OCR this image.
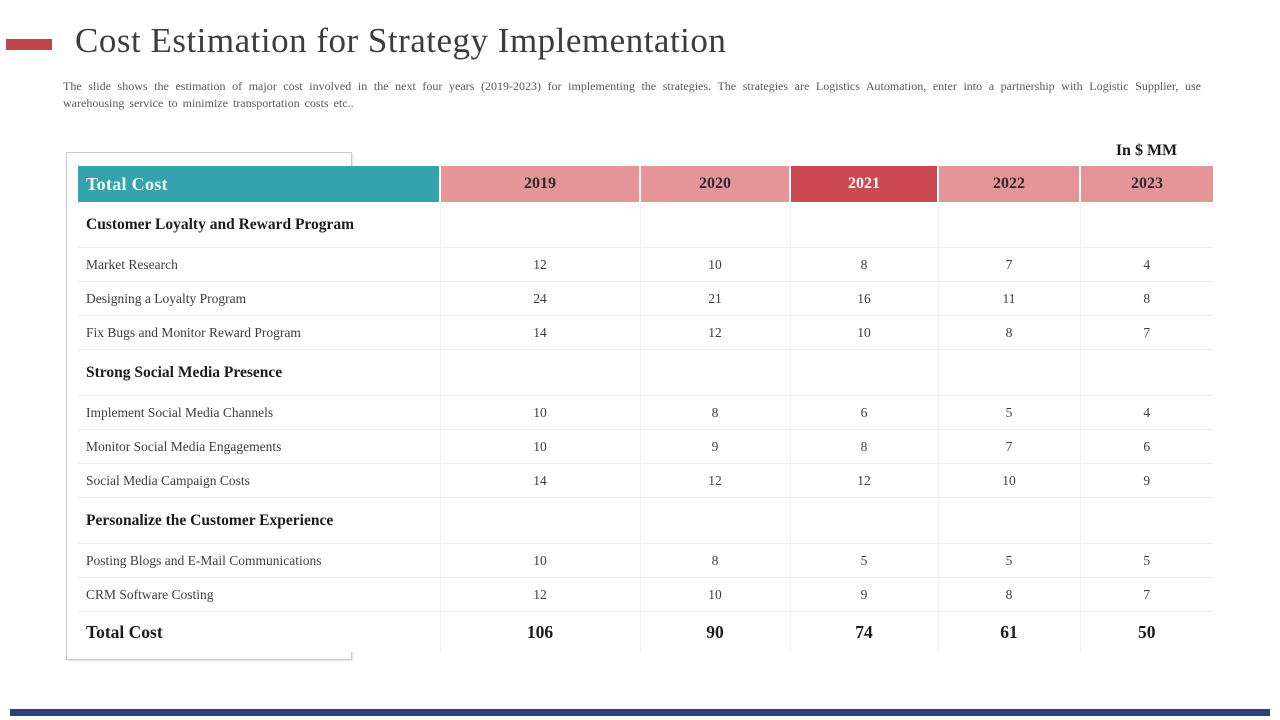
Cost Estimation for Strategy Implementation
The slide shows the estimation of major cost involved in the next four years (2019-2023) for implementing the strategies. The strategies are Logistics Automation, enter into a partnership with Logistic Supplier, use warehousing service to minimize transportation costs etc..
In $ MM
Total Cost	2019	2020	2021	2022	2023
Customer Loyalty and Reward Program					
Market Research	12	10	8	7	4
Designing a Loyalty Program	24	21	16	11	8
Fix Bugs and Monitor Reward Program	14	12	10	8	7
Strong Social Media Presence					
Implement Social Media Channels	10	8	6	5	4
Monitor Social Media Engagements	10	9	8	7	6
Social Media Campaign Costs	14	12	12	10	9
Personalize the Customer Experience					
Posting Blogs and E-Mail Communications	10	8	5	5	5
CRM Software Costing	12	10	9	8	7
Total Cost	106	90	74	61	50
